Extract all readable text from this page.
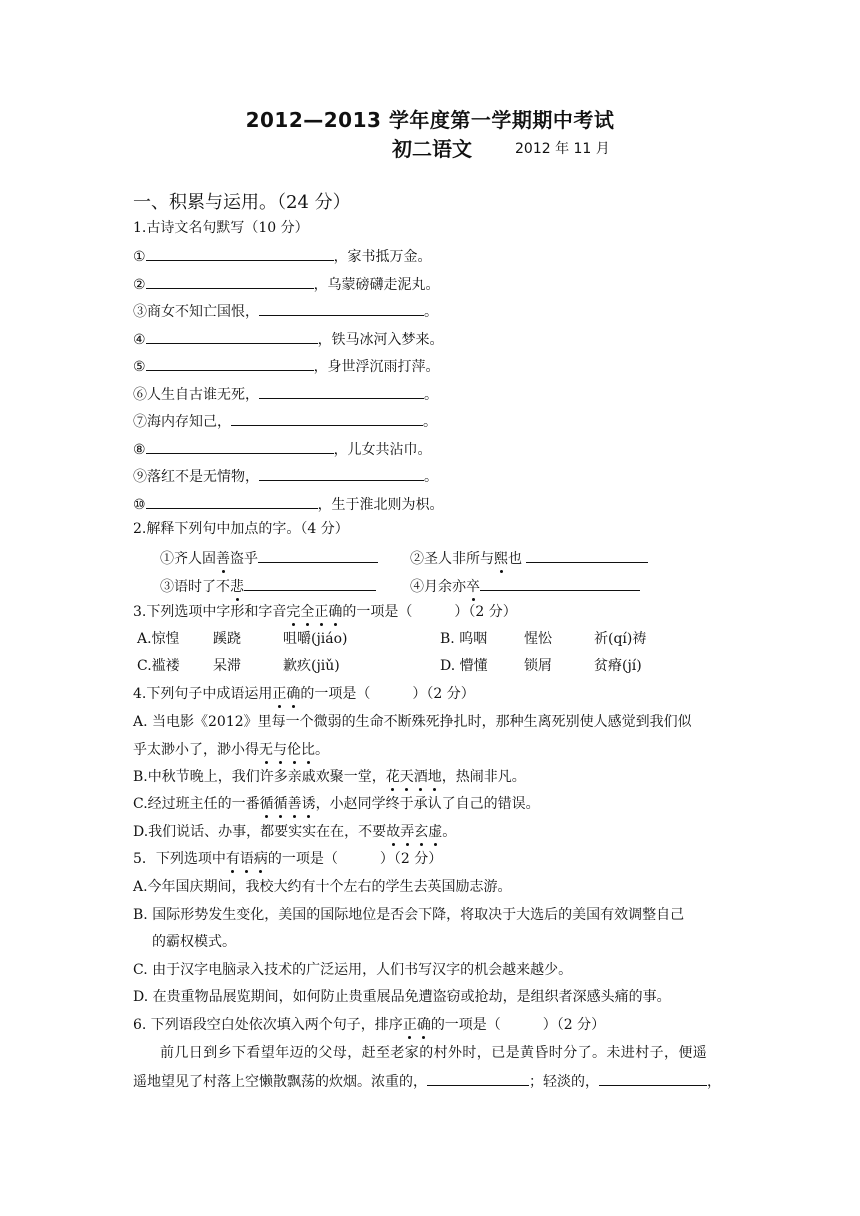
2012—2013 学年度第一学期期中考试
初二语文	2012 年 11 月
一、积累与运用。（24 分）
1.古诗文名句默写（10 分）
①	，家书抵万金。
②	，乌蒙磅礴走泥丸。
③商女不知亡国恨，	。
④	，铁马冰河入梦来。
⑤	，身世浮沉雨打萍。
⑥人生自古谁无死，	。
⑦海内存知己，	。
⑧	，儿女共沾巾。
⑨落红不是无情物，	。
⑩	，生于淮北则为枳。
2.解释下列句中加点的字。（4 分）
①齐人固善盗乎	②圣人非所与熙也
③语时了不悲	④月余亦卒
3.下列选项中字形和字音完全正确的一项是（　　　）（2 分）
A.惊惶 蹊跷	咀嚼(jiáo)	B. 呜咽	惺忪	祈(qí)祷
C.褴褛 呆滞	歉疚(jiǔ)	D. 懵懂	锁屑	贫瘠(jí)
4.下列句子中成语运用正确的一项是（　　　）（2 分）
A. 当电影《2012》里每一个微弱的生命不断殊死挣扎时，那种生离死别使人感觉到我们似
乎太渺小了，渺小得无与伦比。
B.中秋节晚上，我们许多亲戚欢聚一堂，花天酒地，热闹非凡。
C.经过班主任的一番循循善诱，小赵同学终于承认了自己的错误。
D.我们说话、办事，都要实实在在，不要故弄玄虚。
5．下列选项中有语病的一项是（　　　）（2 分）
A.今年国庆期间，我校大约有十个左右的学生去英国励志游。
B. 国际形势发生变化，美国的国际地位是否会下降，将取决于大选后的美国有效调整自己
的霸权模式。
C. 由于汉字电脑录入技术的广泛运用，人们书写汉字的机会越来越少。
D. 在贵重物品展览期间，如何防止贵重展品免遭盗窃或抢劫，是组织者深感头痛的事。
6. 下列语段空白处依次填入两个句子，排序正确的一项是（　　　）（2 分）
前几日到乡下看望年迈的父母，赶至老家的村外时，已是黄昏时分了。未进村子，便遥
遥地望见了村落上空懒散飘荡的炊烟。浓重的，	；轻淡的，	，
